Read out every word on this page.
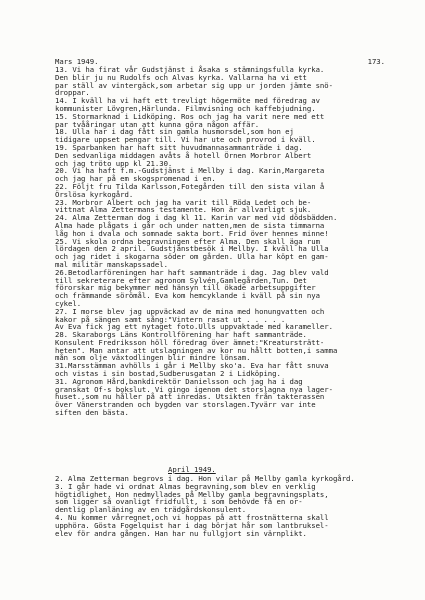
Mars 1949.	173.
13. Vi ha firat vår Gudstjänst i Åsaka s stämningsfulla kyrka.
Den blir ju nu Rudolfs och Alvas kyrka. Vallarna ha vi ett
par ställ av vintergäck,som arbetar sig upp ur jorden jämte snö-
droppar.
14. I kväll ha vi haft ett trevligt högermöte med föredrag av
kommunister Lövgren,Härlunda. Filmvisning och kaffebjudning.
15. Stormarknad i Lidköping. Ros och jag ha varit nere med ett
par tvååringar utan att kunna göra någon affär.
18. Ulla har i dag fått sin gamla husmorsdel,som hon ej
tidigare uppset pengar till. Vi har ute och provrod i kväll.
19. Sparbanken har haft sitt huvudmannasammanträde i dag.
Den sedvanliga middagen avåts å hotell Örnen Morbror Albert
och jag tröto upp kl 21.30.
20. Vi ha haft f.m.-Gudstjänst i Mellby i dag. Karin,Margareta
och jag har på em skogspromenad i en.
22. Följt fru Tilda Karlsson,Fotegården till den sista vilan å
Örslösa kyrkogård.
23. Morbror Albert och jag ha varit till Röda Ledet och be-
vittnat Alma Zettermans testamente. Hon är allvarligt sjuk.
24. Alma Zetterman dog i dag kl 11. Karin var med vid dödsbädden.
Alma hade plågats i går och under natten,men de sista timmarna
låg hon i dvala och somnade sakta bort. Frid över hennes minne!
25. Vi skola ordna begravningen efter Alma. Den skall äga rum
lördagen den 2 april. Gudstjänstbesök i Mellby. I kväll ha Ulla
och jag ridet i skogarna söder om gården. Ulla har köpt en gam-
mal militär manskapssadel.
26.Betodlarföreningen har haft sammanträde i dag. Jag blev vald
till sekreterare efter agronom Sylvén,Gamlegården,Tun. Det
förorskar mig bekymmer med hänsyn till ökade arbetsuppgifter
och främmande sörömål. Eva kom hemcyklande i kväll på sin nya
cykel.
27. I morse blev jag uppväckad av de mina med honungvatten och
kakor på sängen samt sång:"Vintern rasat ut . . . . .
Av Eva fick jag ett nytaget foto.Ulls uppvaktade med karameller.
28. Skaraborgs Läns Kontrollförening har haft sammanträde.
Konsulent Fredriksson höll föredrag över ämnet:"Kreatursträtt-
heten". Man antar att utslagningen av kor nu håltt botten,i samma
mån som olje växtodlingen blir mindre lönsam.
31.Marsstämman avhölls i går i Mellby sko'a. Eva har fått snuva
och vistas i sin bostad,Sudberusgatan 2 i Lidköping.
31. Agronom Hård,bankdirektör Danielsson och jag ha i dag
granskat Of-s bokslut. Vi gingo igenom det storslagna nya lager-
huset.,som nu håller på att inredas. Utsikten från takterassen
över Vänerstranden och bygden var storslagen.Tyvärr var inte
siften den bästa.
April 1949.
2. Alma Zetterman begrovs i dag. Hon vilar på Mellby gamla kyrkogård.
3. I går hade vi ordnat Almas begravning,som blev en verklig
högtidlighet. Hon nedmyllades på Mellby gamla begravningsplats,
som ligger så ovanligt fridfullt, i som behövde få en or-
dentlig planläning av en trädgårdskonsulent.
4. Nu kommer vårregnet,och vi hoppas på att frostnätterna skall
upphöra. Gösta Fogelquist har i dag börjat hår som lantbruksel-
elev för andra gången. Han har nu fullgjort sin värnplikt.
